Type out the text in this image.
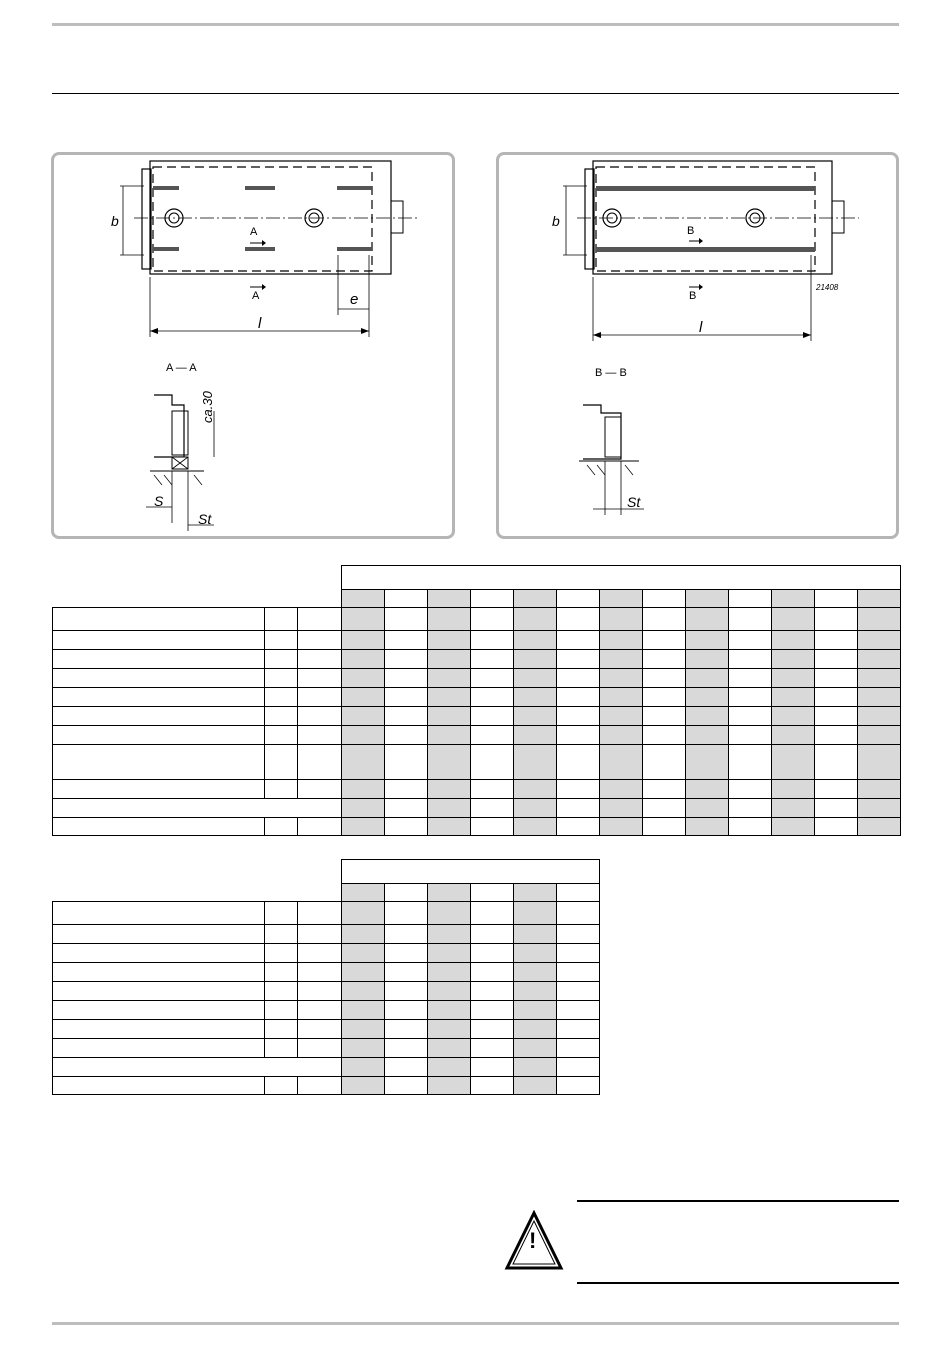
b
A
A	e
l
A — A
ca.30
S
St
b
B
B
21408
l
B — B
St

!
